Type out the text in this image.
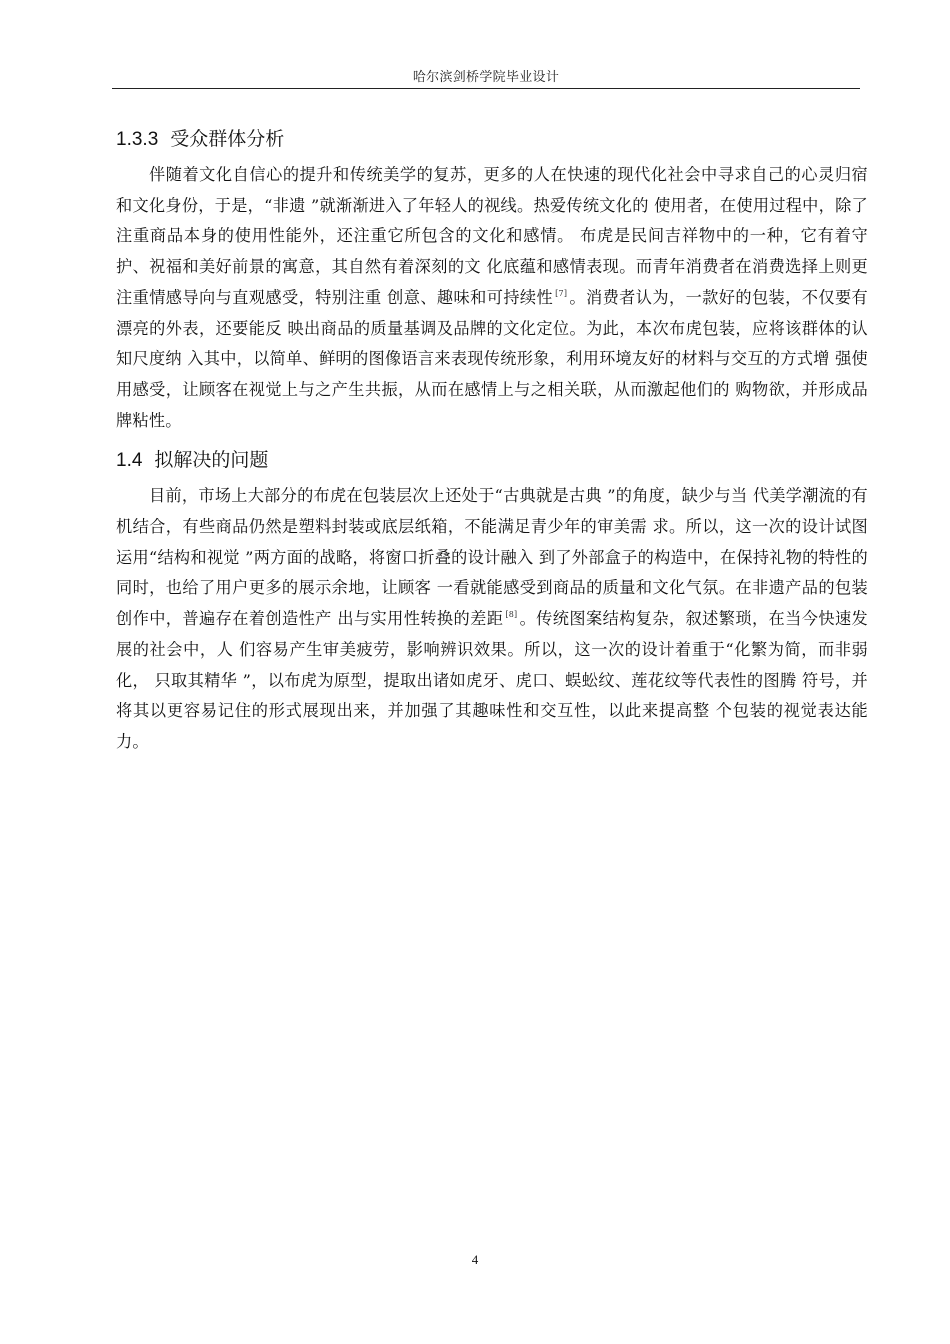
哈尔滨剑桥学院毕业设计
1.3.3 受众群体分析

伴随着文化自信心的提升和传统美学的复苏，更多的人在快速的现代化社会中寻求自己的心灵归宿和文化身份，于是，“非遗 ”就渐渐进入了年轻人的视线。热爱传统文化的 使用者，在使用过程中，除了注重商品本身的使用性能外，还注重它所包含的文化和感情。 布虎是民间吉祥物中的一种，它有着守护、祝福和美好前景的寓意，其自然有着深刻的文 化底蕴和感情表现。而青年消费者在消费选择上则更注重情感导向与直观感受，特别注重 创意、趣味和可持续性 [7] 。消费者认为，一款好的包装，不仅要有漂亮的外表，还要能反 映出商品的质量基调及品牌的文化定位。为此，本次布虎包装，应将该群体的认知尺度纳 入其中，以简单、鲜明的图像语言来表现传统形象，利用环境友好的材料与交互的方式增 强使用感受，让顾客在视觉上与之产生共振，从而在感情上与之相关联，从而激起他们的 购物欲，并形成品牌粘性。

1.4 拟解决的问题

目前，市场上大部分的布虎在包装层次上还处于“古典就是古典 ”的角度，缺少与当 代美学潮流的有机结合，有些商品仍然是塑料封装或底层纸箱，不能满足青少年的审美需 求。所以，这一次的设计试图运用“结构和视觉 ”两方面的战略，将窗口折叠的设计融入 到了外部盒子的构造中，在保持礼物的特性的同时，也给了用户更多的展示余地，让顾客 一看就能感受到商品的质量和文化气氛。在非遗产品的包装创作中，普遍存在着创造性产 出与实用性转换的差距 [8] 。传统图案结构复杂，叙述繁琐，在当今快速发展的社会中，人 们容易产生审美疲劳，影响辨识效果。所以，这一次的设计着重于“化繁为简，而非弱化， 只取其精华 ”，以布虎为原型，提取出诸如虎牙、虎口、蜈蚣纹、莲花纹等代表性的图腾 符号，并将其以更容易记住的形式展现出来，并加强了其趣味性和交互性，以此来提高整 个包装的视觉表达能力。

4
